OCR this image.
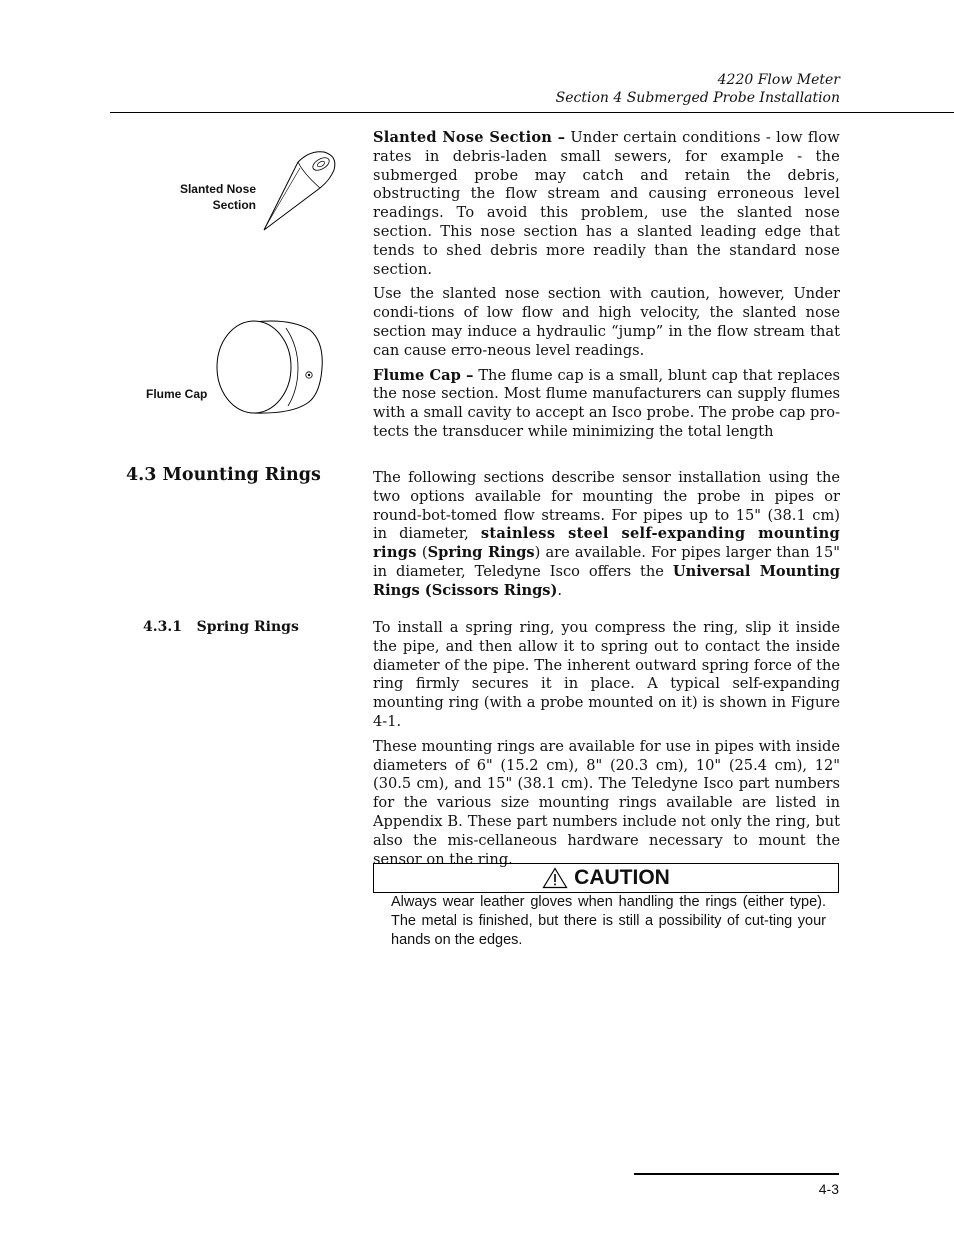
4220 Flow Meter
Section 4 Submerged Probe Installation
Slanted Nose
Section
Flume Cap

Slanted Nose Section – Under certain conditions - low flow rates in debris-laden small sewers, for example - the submerged probe may catch and retain the debris, obstructing the flow stream and causing erroneous level readings. To avoid this problem, use the slanted nose section. This nose section has a slanted leading edge that tends to shed debris more readily than the standard nose section.

Use the slanted nose section with caution, however, Under condi-tions of low flow and high velocity, the slanted nose section may induce a hydraulic “jump” in the flow stream that can cause erro-neous level readings.

Flume Cap – The flume cap is a small, blunt cap that replaces the nose section. Most flume manufacturers can supply flumes with a small cavity to accept an Isco probe. The probe cap pro-tects the transducer while minimizing the total length

4.3 Mounting Rings	The following sections describe sensor installation using the two options available for mounting the probe in pipes or round-bot-tomed flow streams. For pipes up to 15" (38.1 cm) in diameter, stainless steel self-expanding mounting rings (Spring Rings) are available. For pipes larger than 15" in diameter, Teledyne Isco offers the Universal Mounting Rings (Scissors Rings).

4.3.1   Spring Rings	To install a spring ring, you compress the ring, slip it inside the pipe, and then allow it to spring out to contact the inside diameter of the pipe. The inherent outward spring force of the ring firmly secures it in place. A typical self-expanding mounting ring (with a probe mounted on it) is shown in Figure 4-1.

These mounting rings are available for use in pipes with inside diameters of 6" (15.2 cm), 8" (20.3 cm), 10" (25.4 cm), 12" (30.5 cm), and 15" (38.1 cm). The Teledyne Isco part numbers for the various size mounting rings available are listed in Appendix B. These part numbers include not only the ring, but also the mis-cellaneous hardware necessary to mount the sensor on the ring.

CAUTION
Always wear leather gloves when handling the rings (either type). The metal is finished, but there is still a possibility of cut-ting your hands on the edges.
4-3
